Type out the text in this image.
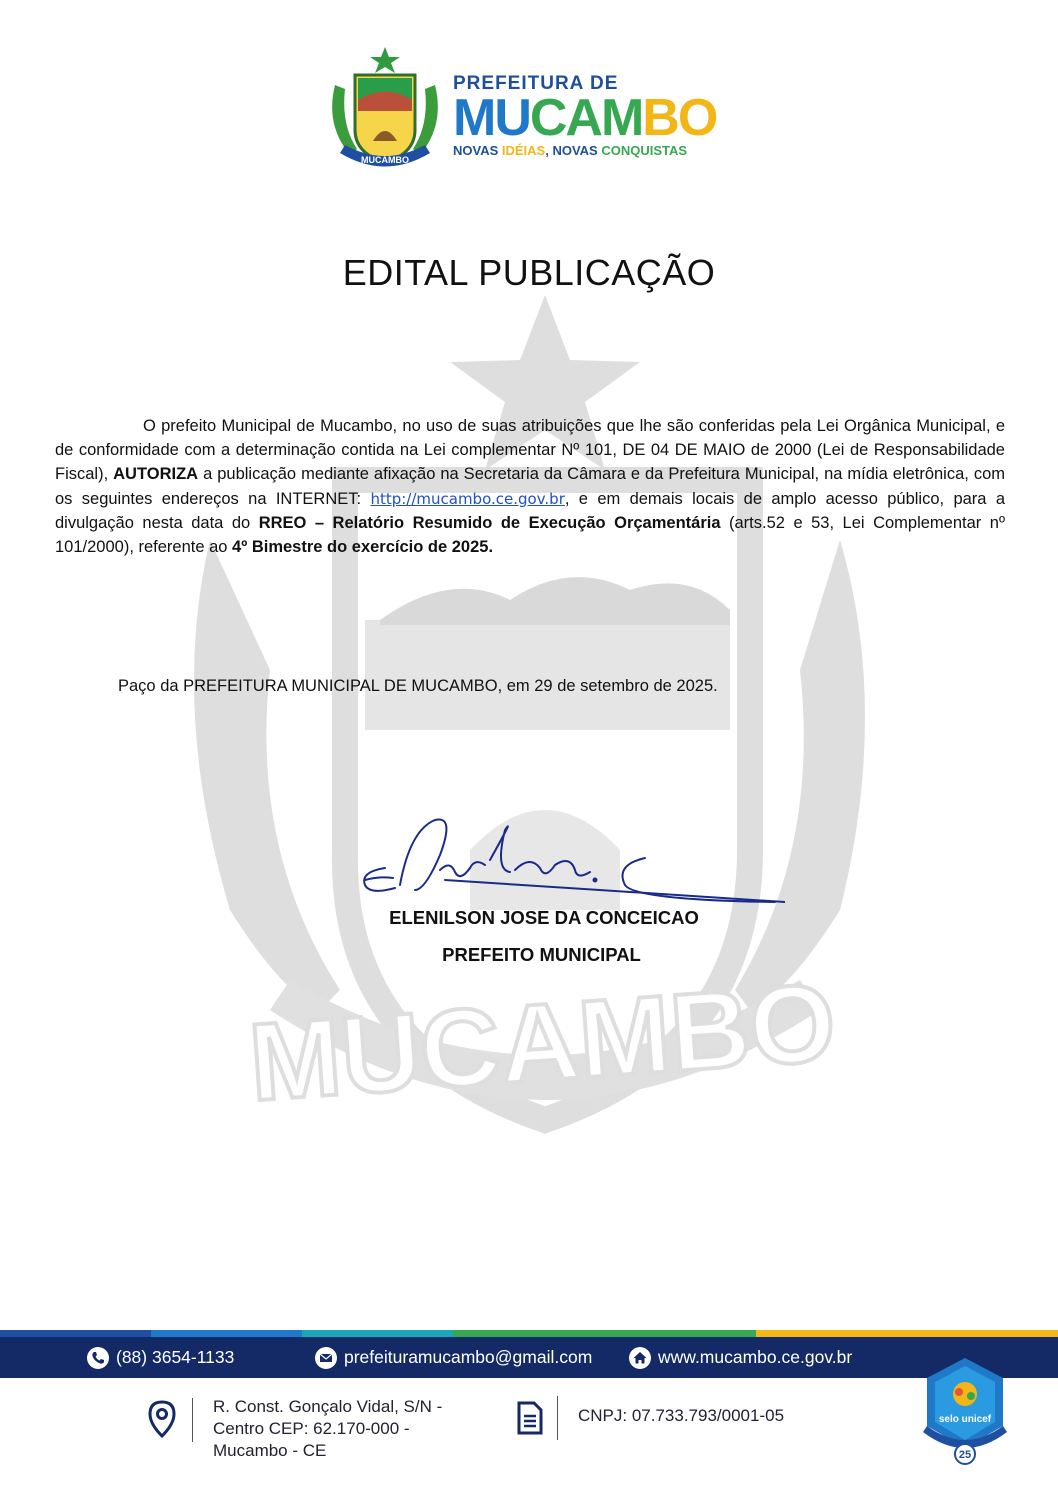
MUCAMBO
MUCAMBO
PREFEITURA DE
MUCAMBO
NOVAS IDÉIAS, NOVAS CONQUISTAS
EDITAL PUBLICAÇÃO

O prefeito Municipal de Mucambo, no uso de suas atribuições que lhe são conferidas pela Lei Orgânica Municipal, e de conformidade com a determinação contida na Lei complementar Nº 101, DE 04 DE MAIO de 2000 (Lei de Responsabilidade Fiscal), AUTORIZA a publicação mediante afixação na Secretaria da Câmara e da Prefeitura Municipal, na mídia eletrônica, com os seguintes endereços na INTERNET: http://mucambo.ce.gov.br, e em demais locais de amplo acesso público, para a divulgação nesta data do RREO – Relatório Resumido de Execução Orçamentária (arts.52 e 53, Lei Complementar nº 101/2000), referente ao 4º Bimestre do exercício de 2025.

Paço da PREFEITURA MUNICIPAL DE MUCAMBO, em 29 de setembro de 2025.
ELENILSON JOSE DA CONCEICAO
PREFEITO MUNICIPAL
(88) 3654-1133	prefeituramucambo@gmail.com	www.mucambo.ce.gov.br
R. Const. Gonçalo Vidal, S/N -
Centro CEP: 62.170-000 -
Mucambo - CE
CNPJ: 07.733.793/0001-05	selo unicef
25
